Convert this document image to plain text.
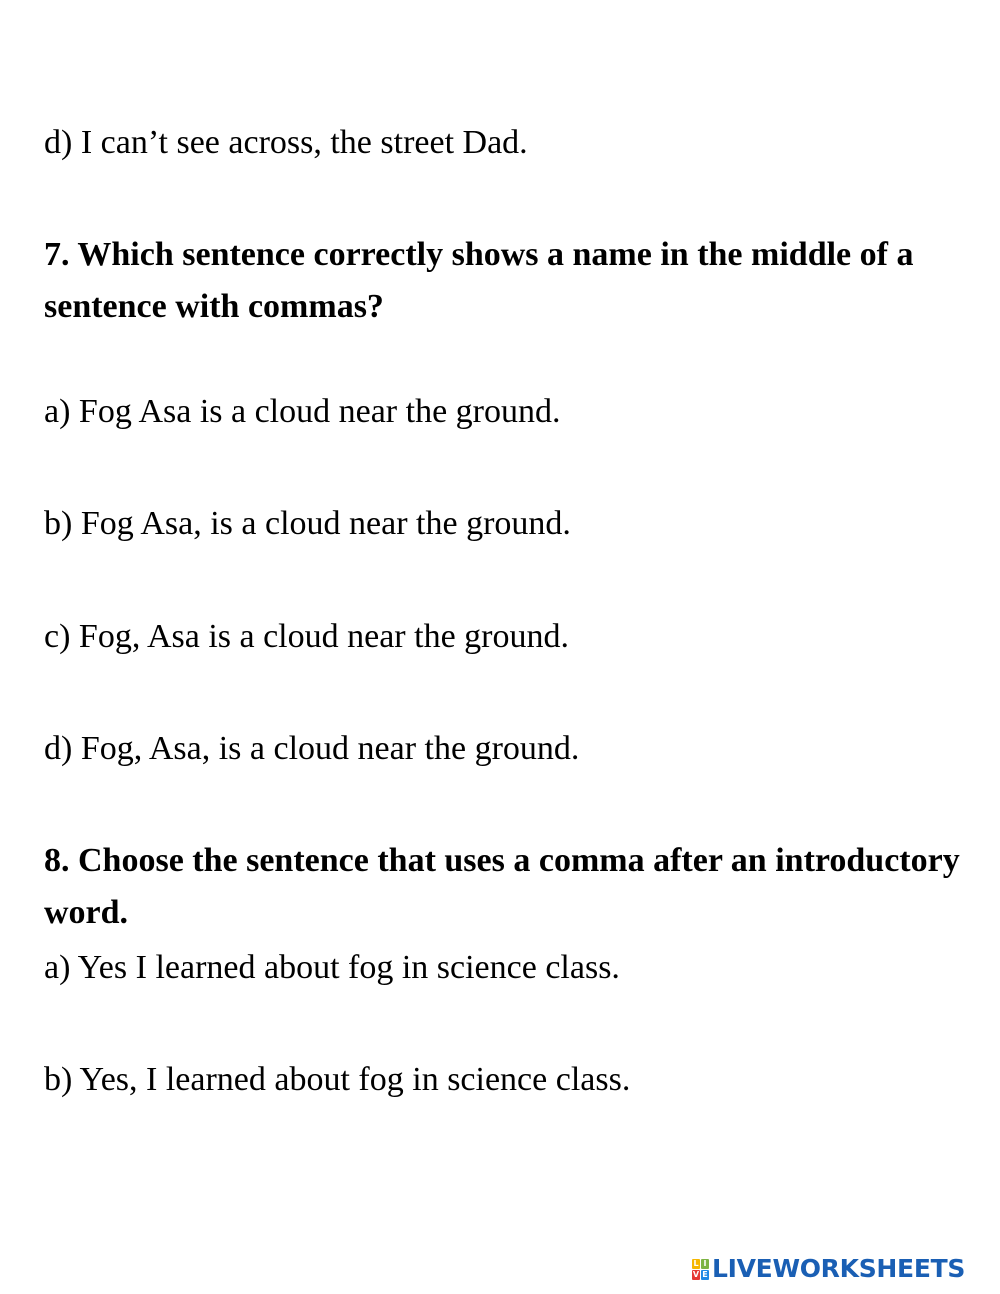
d) I can’t see across, the street Dad.

7. Which sentence correctly shows a name in the middle of a sentence with commas?

a) Fog Asa is a cloud near the ground.

b) Fog Asa, is a cloud near the ground.

c) Fog, Asa is a cloud near the ground.

d) Fog, Asa, is a cloud near the ground.

8. Choose the sentence that uses a comma after an introductory word.

a) Yes I learned about fog in science class.

b) Yes, I learned about fog in science class.

L I
V E LIVEWORKSHEETS
